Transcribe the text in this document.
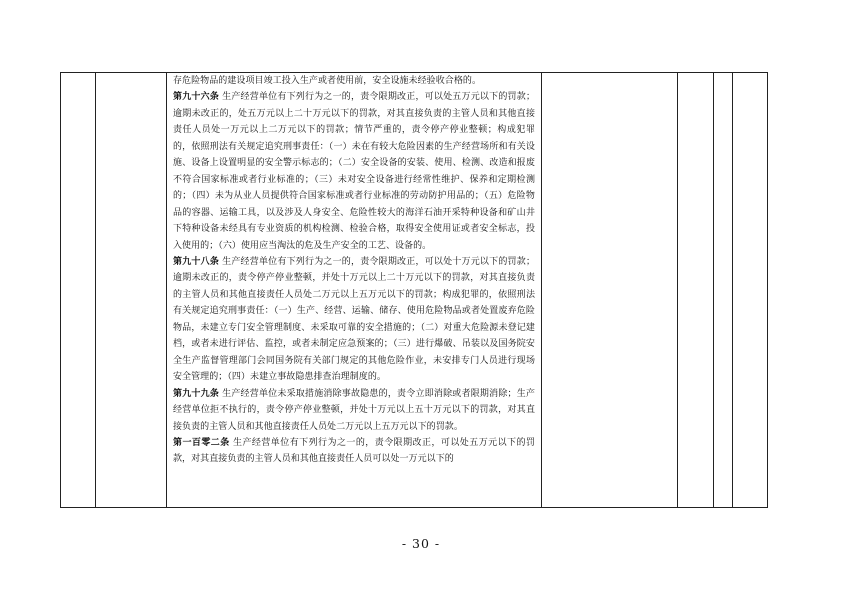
存危险物品的建设项目竣工投入生产或者使用前，安全设施未经验收合格的。

第九十六条 生产经营单位有下列行为之一的，责令限期改正，可以处五万元以下的罚款；逾期未改正的，处五万元以上二十万元以下的罚款，对其直接负责的主管人员和其他直接责任人员处一万元以上二万元以下的罚款；情节严重的，责令停产停业整顿；构成犯罪的，依照刑法有关规定追究刑事责任：（一）未在有较大危险因素的生产经营场所和有关设施、设备上设置明显的安全警示标志的；（二）安全设备的安装、使用、检测、改造和报废不符合国家标准或者行业标准的；（三）未对安全设备进行经常性维护、保养和定期检测的；（四）未为从业人员提供符合国家标准或者行业标准的劳动防护用品的；（五）危险物品的容器、运输工具，以及涉及人身安全、危险性较大的海洋石油开采特种设备和矿山井下特种设备未经具有专业资质的机构检测、检验合格，取得安全使用证或者安全标志，投入使用的；（六）使用应当淘汰的危及生产安全的工艺、设备的。

第九十八条 生产经营单位有下列行为之一的，责令限期改正，可以处十万元以下的罚款；逾期未改正的，责令停产停业整顿，并处十万元以上二十万元以下的罚款，对其直接负责的主管人员和其他直接责任人员处二万元以上五万元以下的罚款；构成犯罪的，依照刑法有关规定追究刑事责任：（一）生产、经营、运输、储存、使用危险物品或者处置废弃危险物品，未建立专门安全管理制度、未采取可靠的安全措施的；（二）对重大危险源未登记建档，或者未进行评估、监控，或者未制定应急预案的；（三）进行爆破、吊装以及国务院安全生产监督管理部门会同国务院有关部门规定的其他危险作业，未安排专门人员进行现场安全管理的；（四）未建立事故隐患排查治理制度的。

第九十九条 生产经营单位未采取措施消除事故隐患的，责令立即消除或者限期消除；生产经营单位拒不执行的，责令停产停业整顿，并处十万元以上五十万元以下的罚款，对其直接负责的主管人员和其他直接责任人员处二万元以上五万元以下的罚款。

第一百零二条 生产经营单位有下列行为之一的，责令限期改正，可以处五万元以下的罚款，对其直接负责的主管人员和其他直接责任人员可以处一万元以下的

- 30 -
